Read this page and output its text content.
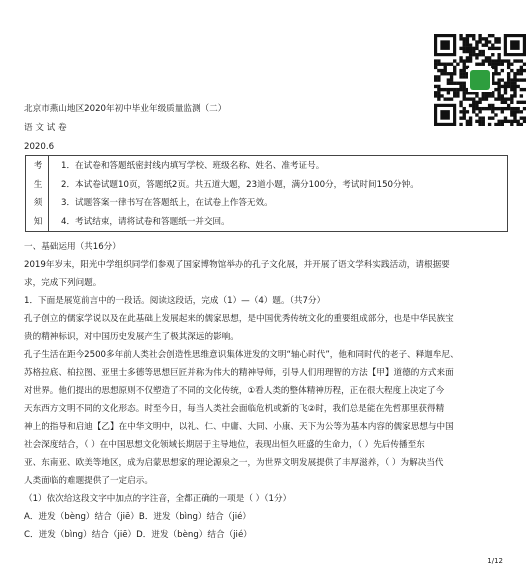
北京市燕山地区2020年初中毕业年级质量监测（二）
语 文 试 卷
2020.6
考
生
须
知
1．在试卷和答题纸密封线内填写学校、班级名称、姓名、准考证号。
2．本试卷试题10页，答题纸2页。共五道大题，23道小题，满分100分，考试时间150分钟。
3．试题答案一律书写在答题纸上，在试卷上作答无效。
4．考试结束，请将试卷和答题纸一并交回。
一、基础运用（共16分）
2019年岁末，阳光中学组织同学们参观了国家博物馆举办的孔子文化展，并开展了语文学科实践活动，请根据要
求，完成下列问题。
1．下面是展览前言中的一段话。阅读这段话，完成（1）—（4）题。（共7分）
孔子创立的儒家学说以及在此基础上发展起来的儒家思想，是中国优秀传统文化的重要组成部分，也是中华民族宝
贵的精神标识，对中国历史发展产生了极其深远的影响。
孔子生活在距今2500多年前人类社会创造性思维意识集体迸发的文明“轴心时代”，他和同时代的老子、释迦牟尼、
苏格拉底、柏拉图、亚里士多德等思想巨匠并称为伟大的精神导师，引导人们用理智的方法【甲】道德的方式来面
对世界。他们提出的思想原则不仅塑造了不同的文化传统，①看人类的整体精神历程，正在很大程度上决定了今
天东西方文明不同的文化形态。时至今日，每当人类社会面临危机或新的飞②时，我们总是能在先哲那里获得精
神上的指导和启迪【乙】在中华文明中，以礼、仁、中庸、大同、小康、天下为公等为基本内容的儒家思想与中国
社会深度结合，（ ）在中国思想文化领域长期居于主导地位，表现出恒久旺盛的生命力，（ ）先后传播至东
亚、东南亚、欧美等地区，成为启蒙思想家的理论源泉之一，为世界文明发展提供了丰厚滋养，（ ）为解决当代
人类面临的难题提供了一定启示。
（1）依次给这段文字中加点的字注音，全都正确的一项是（ ）（1分）
A．进发（bèng）结合（jiē）B．迸发（bìng）结合（jié）
C．迸发（bìng）结合（jiē）D．迸发（bèng）结合（jié）
1/12
